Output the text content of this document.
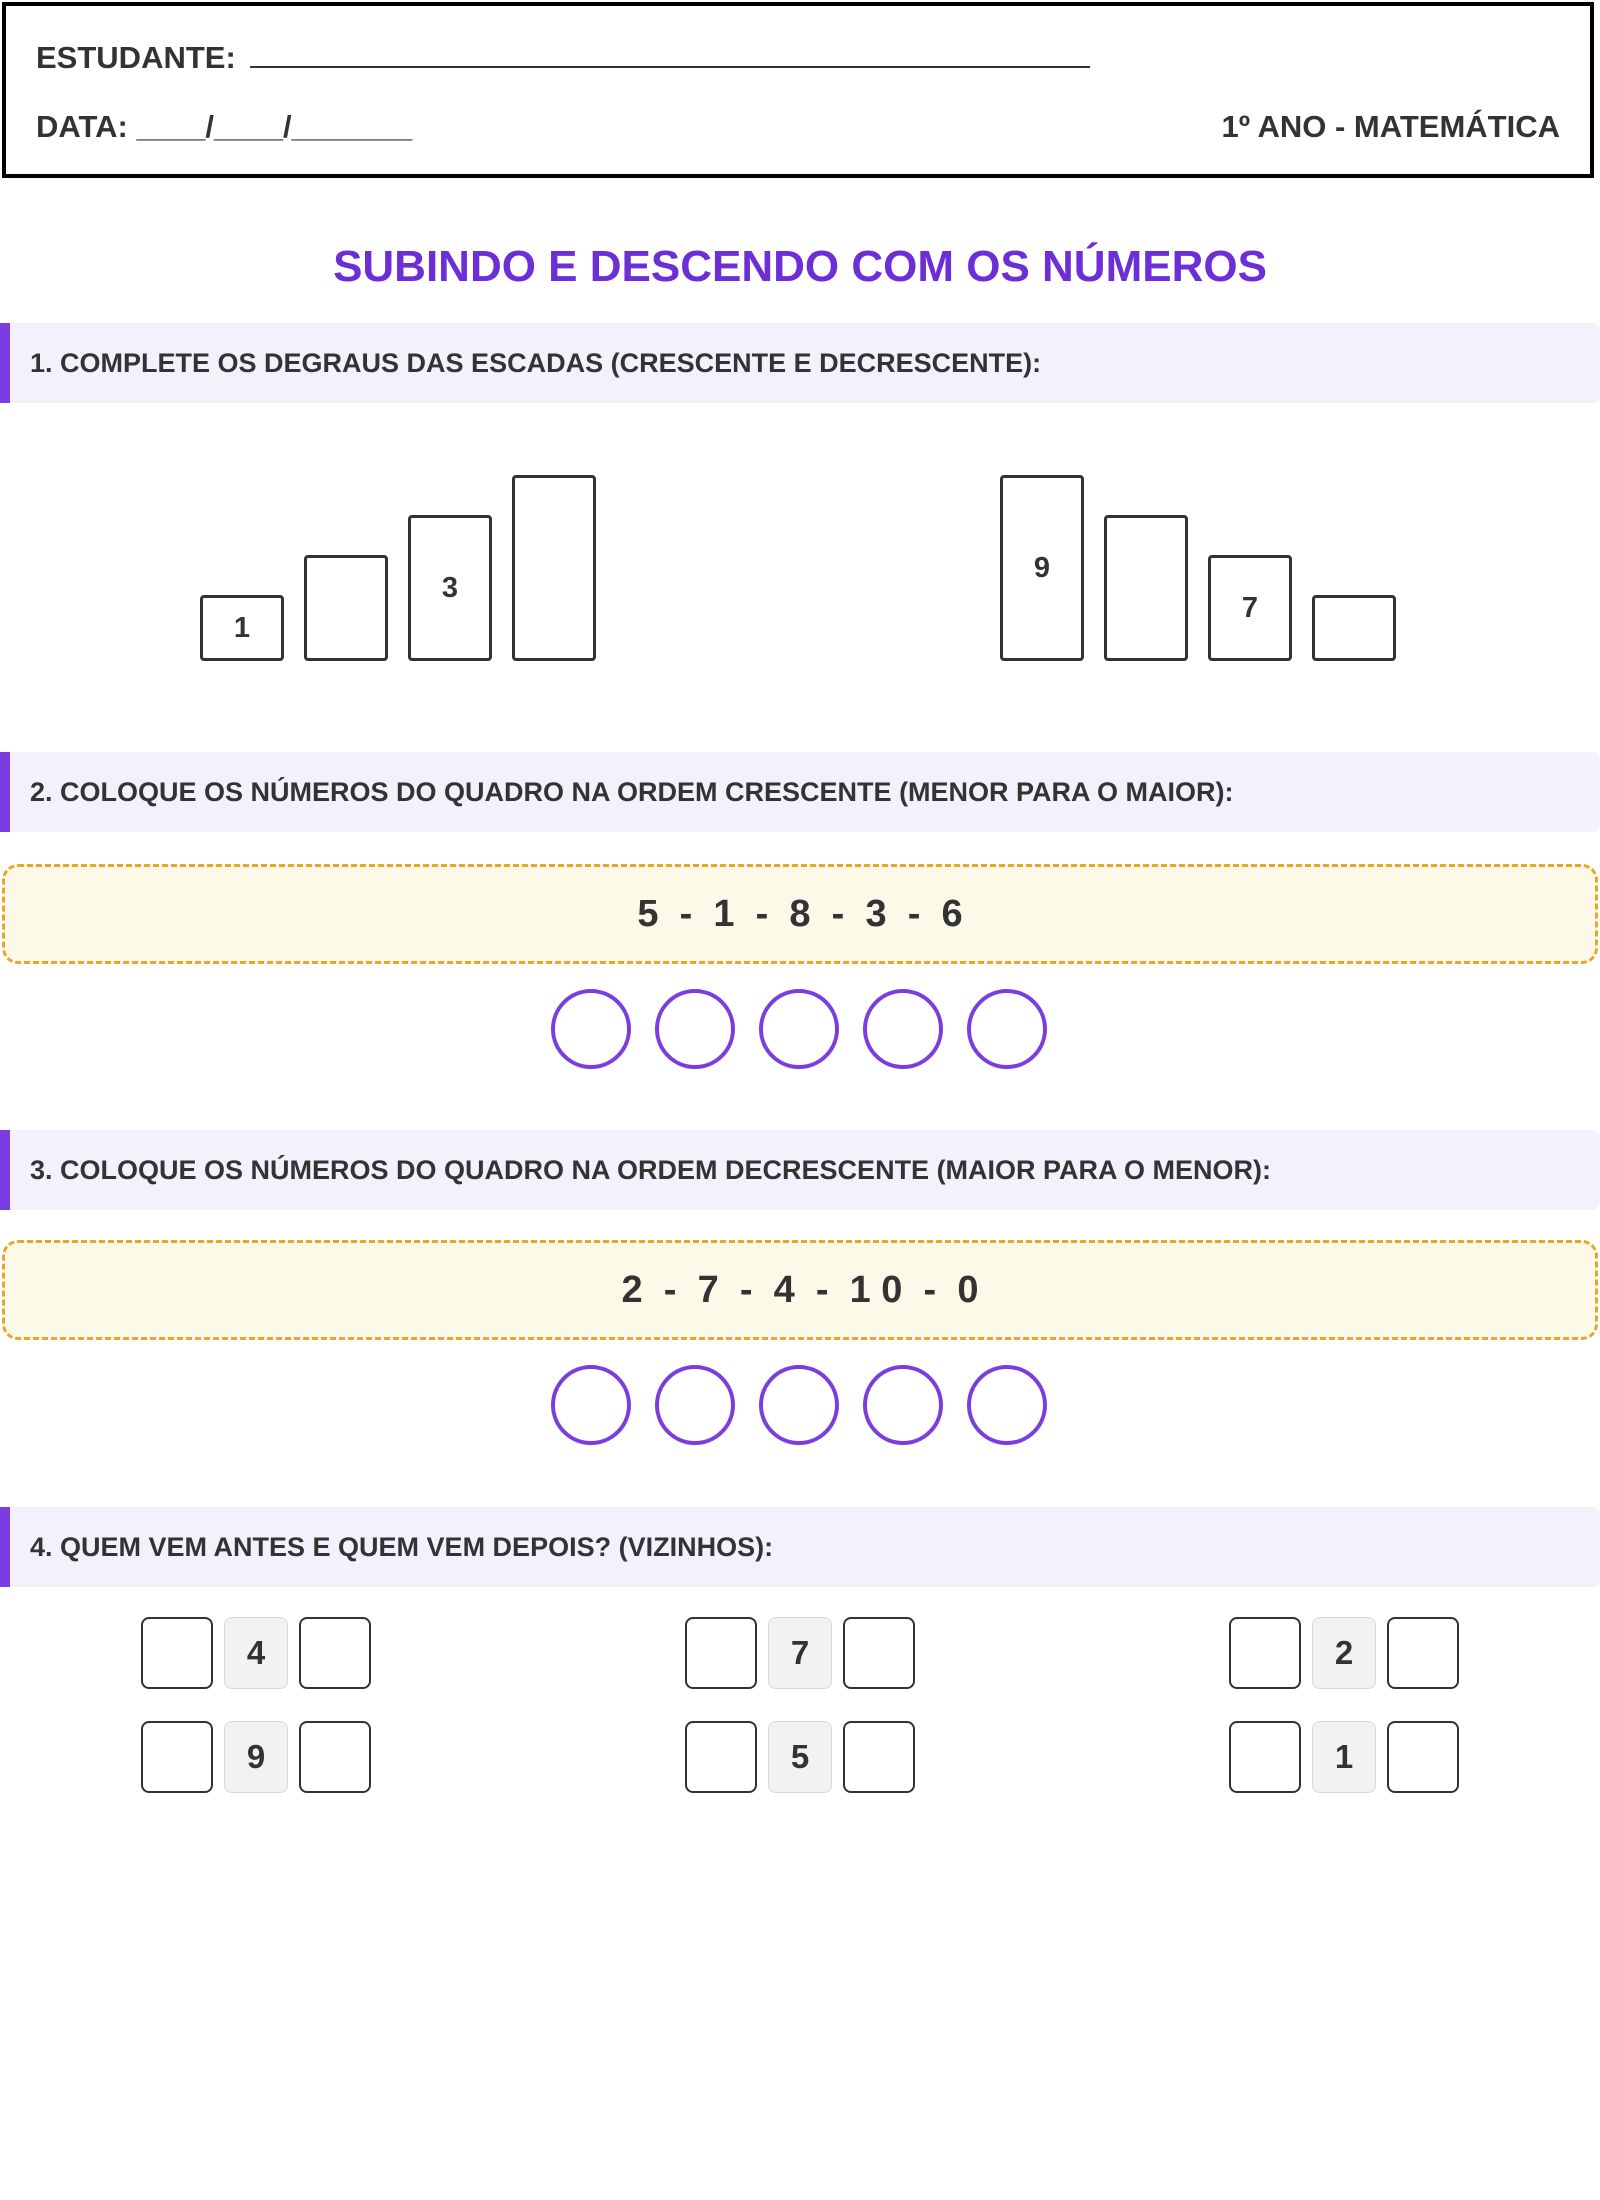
ESTUDANTE:
DATA: ____/____/_______	1º ANO - MATEMÁTICA
SUBINDO E DESCENDO COM OS NÚMEROS
1. COMPLETE OS DEGRAUS DAS ESCADAS (CRESCENTE E DECRESCENTE):
1
3
9
7
2. COLOQUE OS NÚMEROS DO QUADRO NA ORDEM CRESCENTE (MENOR PARA O MAIOR):
5  -  1  -  8  -  3  -  6
3. COLOQUE OS NÚMEROS DO QUADRO NA ORDEM DECRESCENTE (MAIOR PARA O MENOR):
2  -  7  -  4  -  1 0  -  0
4. QUEM VEM ANTES E QUEM VEM DEPOIS? (VIZINHOS):
4	7	2
9	5	1
